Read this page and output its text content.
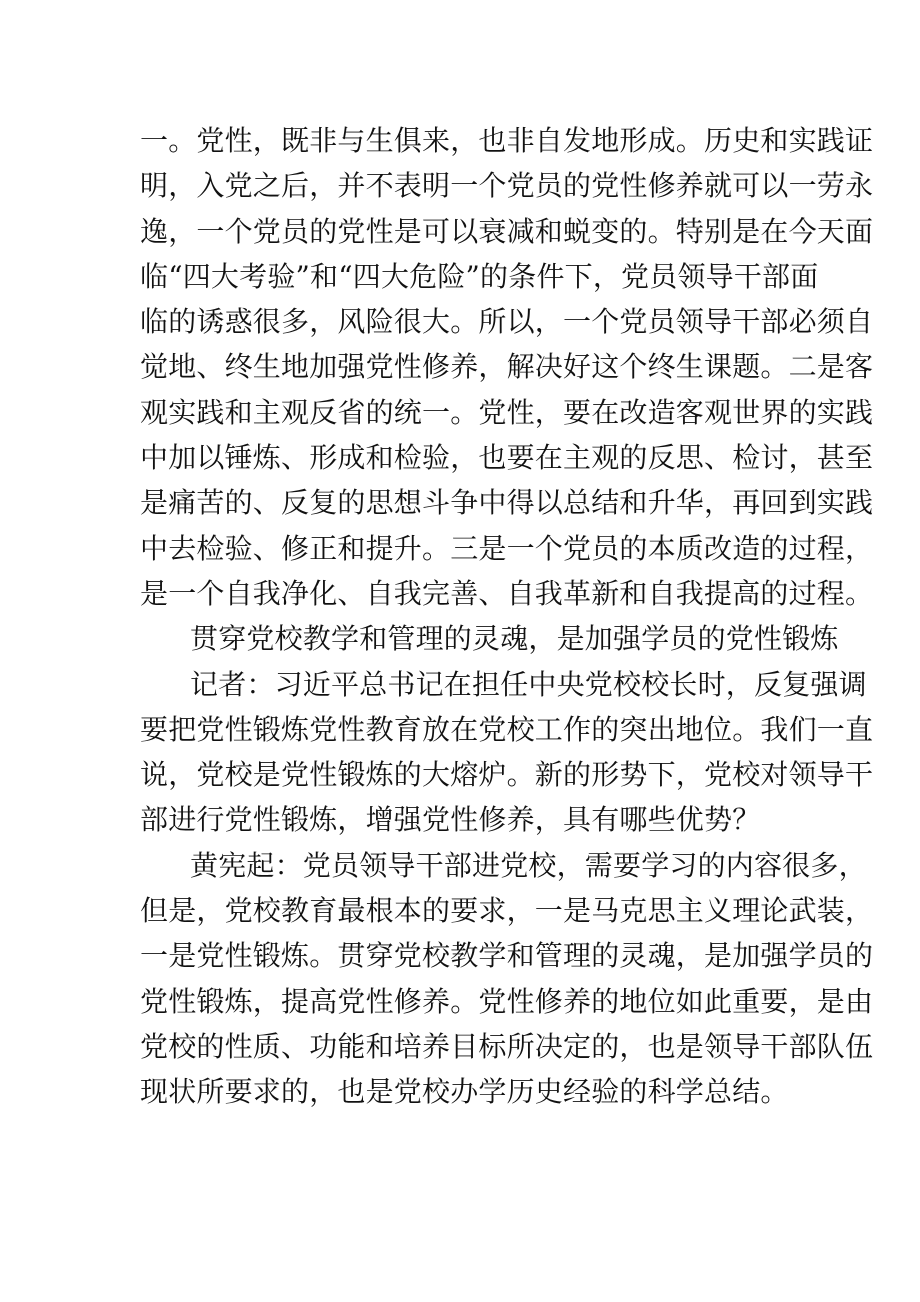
一。党性，既非与生俱来，也非自发地形成。历史和实践证
明，入党之后，并不表明一个党员的党性修养就可以一劳永
逸，一个党员的党性是可以衰减和蜕变的。特别是在今天面
临“四大考验”和“四大危险”的条件下，党员领导干部面
临的诱惑很多，风险很大。所以，一个党员领导干部必须自
觉地、终生地加强党性修养，解决好这个终生课题。二是客
观实践和主观反省的统一。党性，要在改造客观世界的实践
中加以锤炼、形成和检验，也要在主观的反思、检讨，甚至
是痛苦的、反复的思想斗争中得以总结和升华，再回到实践
中去检验、修正和提升。三是一个党员的本质改造的过程，
是一个自我净化、自我完善、自我革新和自我提高的过程。
贯穿党校教学和管理的灵魂，是加强学员的党性锻炼
记者：习近平总书记在担任中央党校校长时，反复强调
要把党性锻炼党性教育放在党校工作的突出地位。我们一直
说，党校是党性锻炼的大熔炉。新的形势下，党校对领导干
部进行党性锻炼，增强党性修养，具有哪些优势？
黄宪起：党员领导干部进党校，需要学习的内容很多，
但是，党校教育最根本的要求，一是马克思主义理论武装，
一是党性锻炼。贯穿党校教学和管理的灵魂，是加强学员的
党性锻炼，提高党性修养。党性修养的地位如此重要，是由
党校的性质、功能和培养目标所决定的，也是领导干部队伍
现状所要求的，也是党校办学历史经验的科学总结。
